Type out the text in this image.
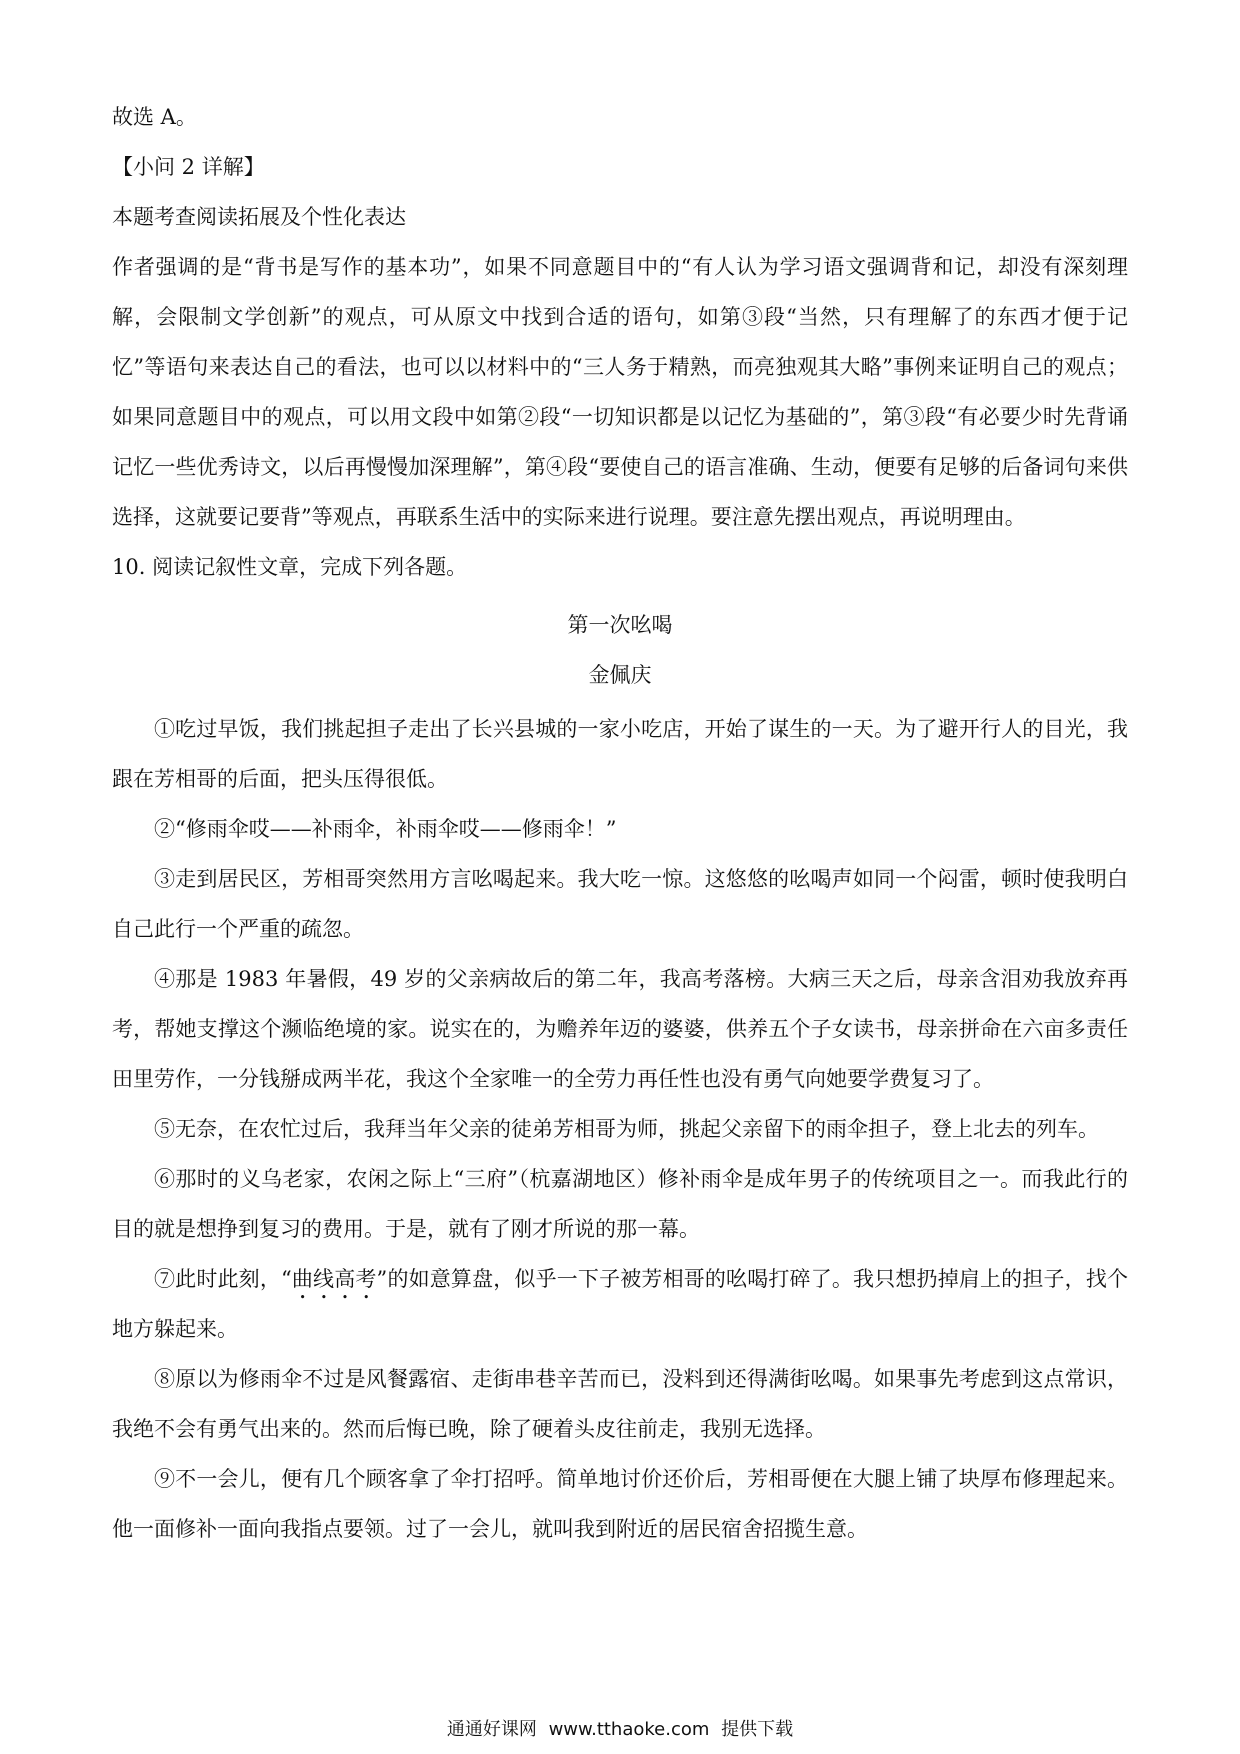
故选 A。
【小问 2 详解】
本题考查阅读拓展及个性化表达
作者强调的是“背书是写作的基本功”，如果不同意题目中的“有人认为学习语文强调背和记，却没有深刻理解，会限制文学创新”的观点，可从原文中找到合适的语句，如第③段“当然，只有理解了的东西才便于记忆”等语句来表达自己的看法，也可以以材料中的“三人务于精熟，而亮独观其大略”事例来证明自己的观点；如果同意题目中的观点，可以用文段中如第②段“一切知识都是以记忆为基础的”，第③段“有必要少时先背诵记忆一些优秀诗文，以后再慢慢加深理解”，第④段“要使自己的语言准确、生动，便要有足够的后备词句来供选择，这就要记要背”等观点，再联系生活中的实际来进行说理。要注意先摆出观点，再说明理由。
10. 阅读记叙性文章，完成下列各题。
第一次吆喝
金佩庆

①吃过早饭，我们挑起担子走出了长兴县城的一家小吃店，开始了谋生的一天。为了避开行人的目光，我跟在芳相哥的后面，把头压得很低。

②“修雨伞哎——补雨伞，补雨伞哎——修雨伞！”

③走到居民区，芳相哥突然用方言吆喝起来。我大吃一惊。这悠悠的吆喝声如同一个闷雷，顿时使我明白自己此行一个严重的疏忽。

④那是 1983 年暑假，49 岁的父亲病故后的第二年，我高考落榜。大病三天之后，母亲含泪劝我放弃再考，帮她支撑这个濒临绝境的家。说实在的，为赡养年迈的婆婆，供养五个子女读书，母亲拼命在六亩多责任田里劳作，一分钱掰成两半花，我这个全家唯一的全劳力再任性也没有勇气向她要学费复习了。

⑤无奈，在农忙过后，我拜当年父亲的徒弟芳相哥为师，挑起父亲留下的雨伞担子，登上北去的列车。

⑥那时的义乌老家，农闲之际上“三府”（杭嘉湖地区）修补雨伞是成年男子的传统项目之一。而我此行的目的就是想挣到复习的费用。于是，就有了刚才所说的那一幕。

⑦此时此刻，“曲线高考”的如意算盘，似乎一下子被芳相哥的吆喝打碎了。我只想扔掉肩上的担子，找个地方躲起来。

⑧原以为修雨伞不过是风餐露宿、走街串巷辛苦而已，没料到还得满街吆喝。如果事先考虑到这点常识，我绝不会有勇气出来的。然而后悔已晚，除了硬着头皮往前走，我别无选择。

⑨不一会儿，便有几个顾客拿了伞打招呼。简单地讨价还价后，芳相哥便在大腿上铺了块厚布修理起来。他一面修补一面向我指点要领。过了一会儿，就叫我到附近的居民宿舍招揽生意。

通通好课网 www.tthaoke.com 提供下载
